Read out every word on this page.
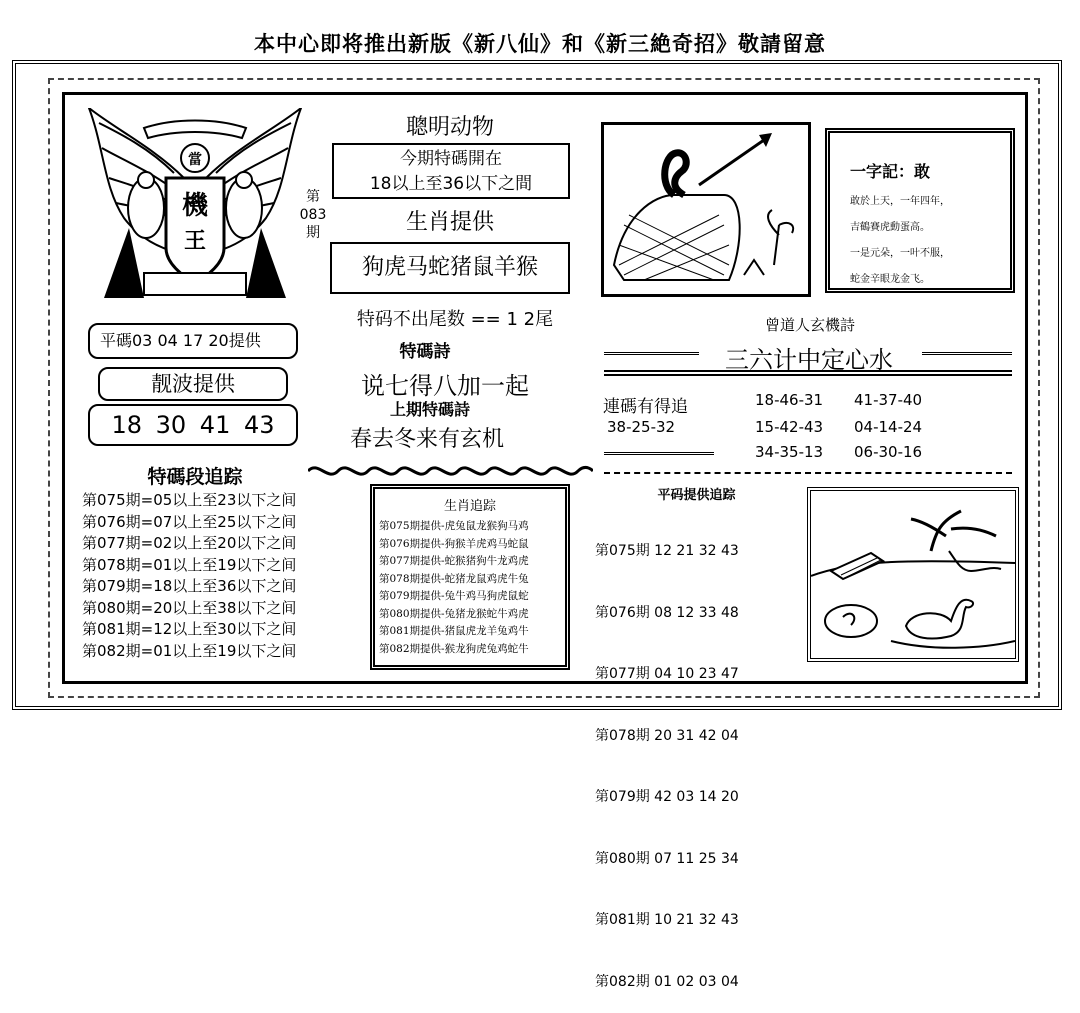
本中心即将推出新版《新八仙》和《新三絶奇招》敬請留意
當
機
王
第
083
期
聰明动物
今期特碼開在
18以上至36以下之間
生肖提供
狗虎马蛇猪鼠羊猴
平碼03 04 17 20提供
靓波提供
18 30 41 43
特码不出尾数 == 1 2尾
特碼詩
说七得八加一起
上期特碼詩
春去冬来有玄机
一字記：敢
敢於上天，一年四年，
吉鶴賽虎動蛋高。
一是元朵，一叶不服，
蛇金辛眼龙金飞。
曾道人玄機詩
三六计中定心水
連碼有得追	18-46-31 41-37-40
38-25-32	15-42-43 04-14-24
34-35-13 06-30-16
特碼段追踪
第075期=05以上至23以下之间
第076期=07以上至25以下之间
第077期=02以上至20以下之间
第078期=01以上至19以下之间
第079期=18以上至36以下之间
第080期=20以上至38以下之间
第081期=12以上至30以下之间
第082期=01以上至19以下之间
生肖追踪
第075期提供-虎兔鼠龙猴狗马鸡
第076期提供-狗猴羊虎鸡马蛇鼠
第077期提供-蛇猴猪狗牛龙鸡虎
第078期提供-蛇猪龙鼠鸡虎牛兔
第079期提供-兔牛鸡马狗虎鼠蛇
第080期提供-兔猪龙猴蛇牛鸡虎
第081期提供-猪鼠虎龙羊兔鸡牛
第082期提供-猴龙狗虎兔鸡蛇牛
平码提供追踪

第075期 12 21 32 43

第076期 08 12 33 48

第077期 04 10 23 47

第078期 20 31 42 04

第079期 42 03 14 20

第080期 07 11 25 34

第081期 10 21 32 43

第082期 01 02 03 04
